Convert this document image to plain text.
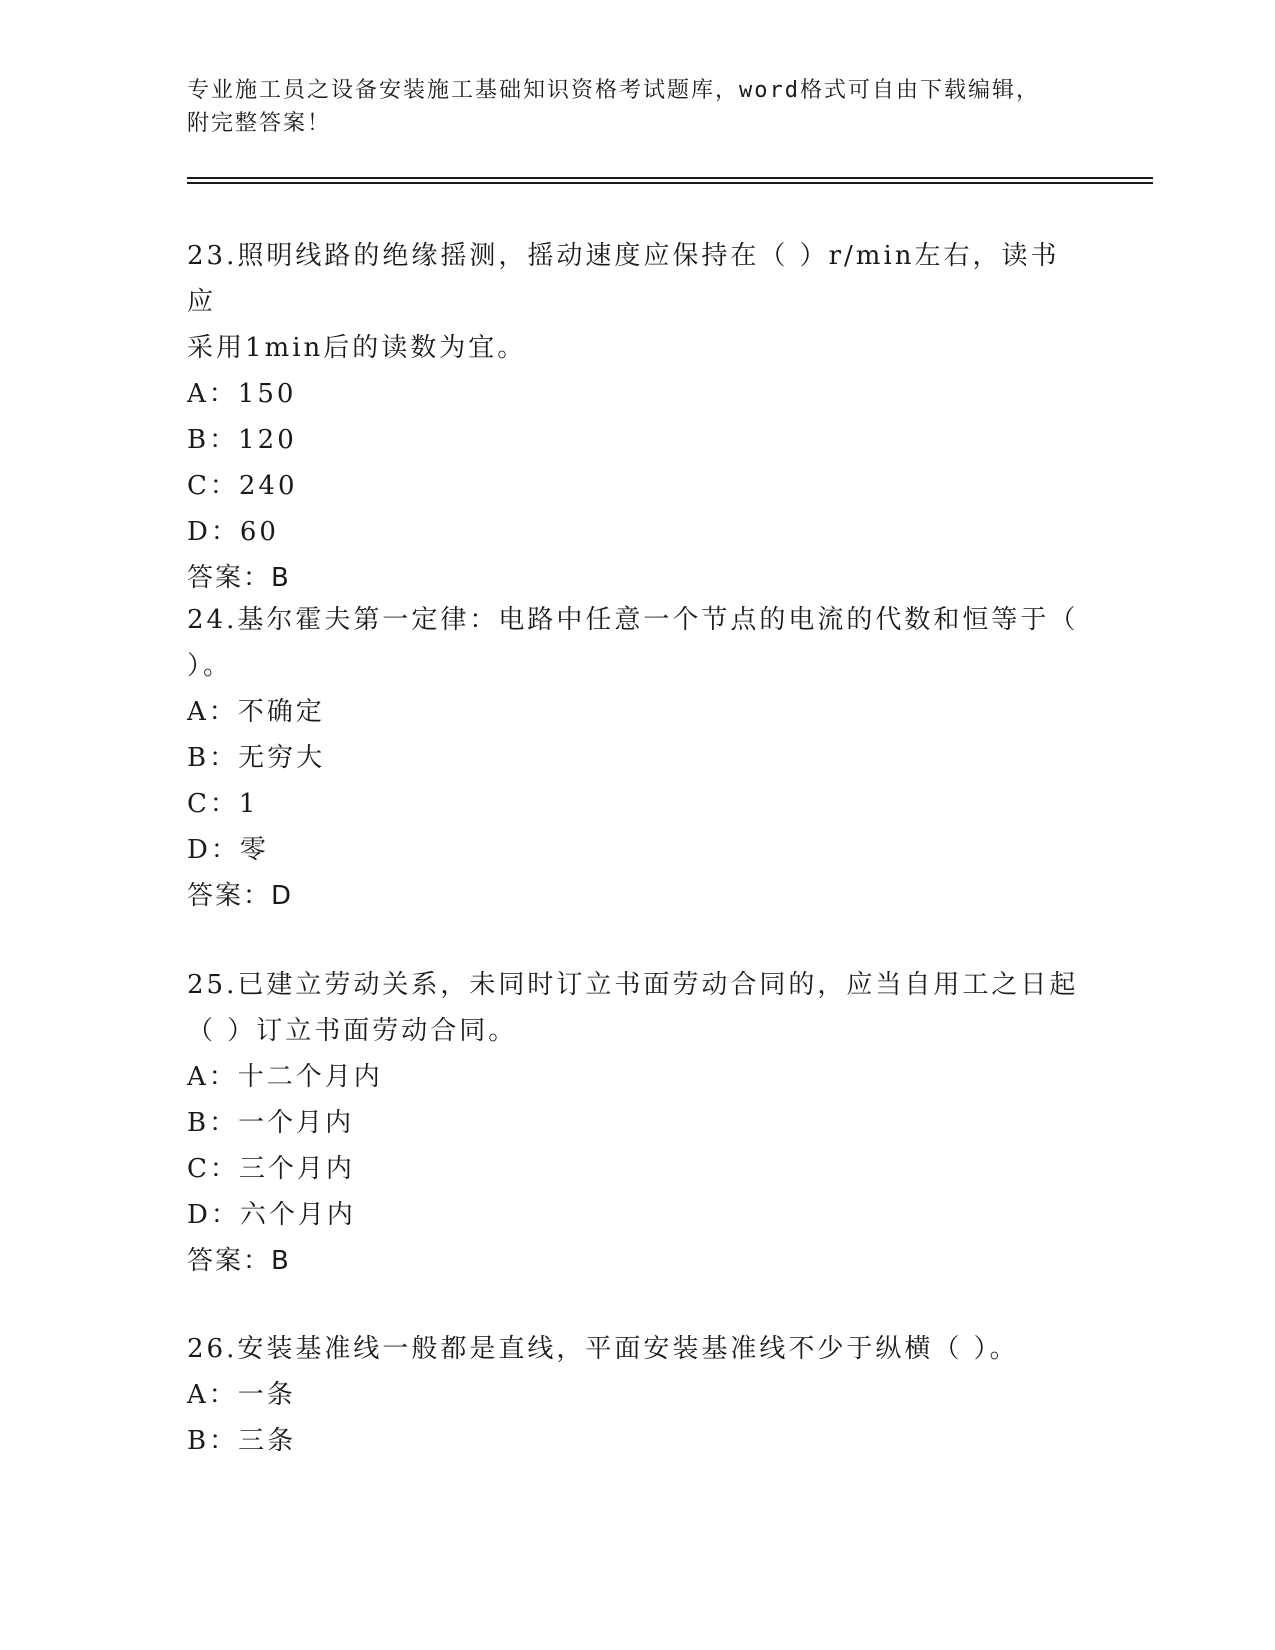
专业施工员之设备安装施工基础知识资格考试题库，word格式可自由下载编辑，
附完整答案！

23.照明线路的绝缘摇测，摇动速度应保持在（ ）r/min左右，读书应

采用1min后的读数为宜。

A：150

B：120

C：240

D：60

答案：B

24.基尔霍夫第一定律：电路中任意一个节点的电流的代数和恒等于（

）。

A：不确定

B：无穷大

C：1

D：零

答案：D

25.已建立劳动关系，未同时订立书面劳动合同的，应当自用工之日起

（ ）订立书面劳动合同。

A：十二个月内

B：一个月内

C：三个月内

D：六个月内

答案：B

26.安装基准线一般都是直线，平面安装基准线不少于纵横（ ）。

A：一条

B：三条
